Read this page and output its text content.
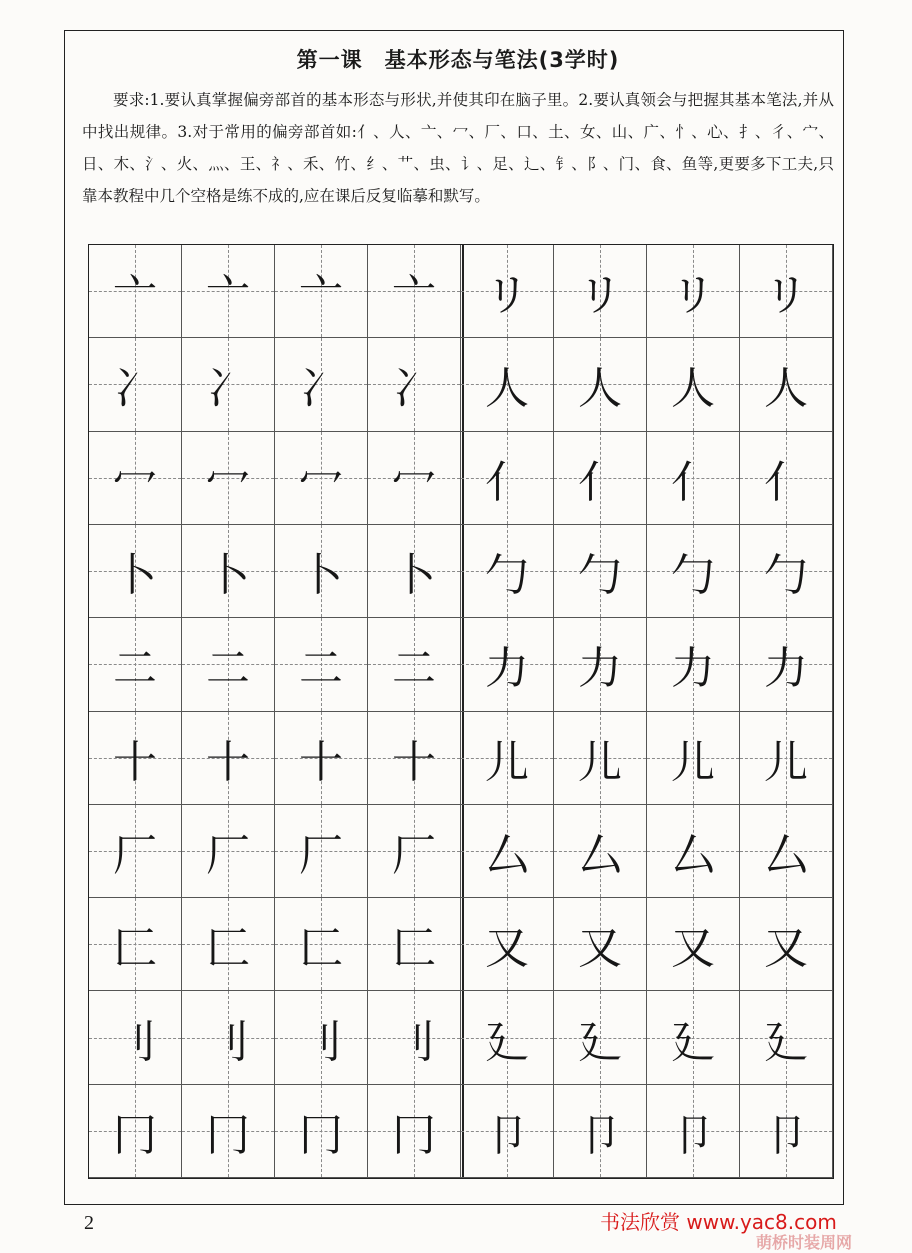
第一课　基本形态与笔法(3学时)

要求:1.要认真掌握偏旁部首的基本形态与形状,并使其印在脑子里。2.要认真领会与把握其基本笔法,并从中找出规律。3.对于常用的偏旁部首如:亻、人、亠、冖、厂、口、土、女、山、广、忄、心、扌、彳、宀、日、木、氵、火、灬、王、礻、禾、竹、纟、艹、虫、讠、足、辶、钅、阝、门、食、鱼等,更要多下工夫,只靠本教程中几个空格是练不成的,应在课后反复临摹和默写。

亠 亠 亠 亠 リ リ リ リ
冫 冫 冫 冫 人 人 人 人
冖 冖 冖 冖 亻 亻 亻 亻
卜 卜 卜 卜 勹 勹 勹 勹
二 二 二 二 力 力 力 力
十 十 十 十 儿 儿 儿 儿
厂 厂 厂 厂 厶 厶 厶 厶
匚 匚 匚 匚 又 又 又 又
刂 刂 刂 刂 廴 廴 廴 廴
冂 冂 冂 冂 卩 卩 卩 卩
2	书法欣赏 www.yac8.com
萌桥时装周网
